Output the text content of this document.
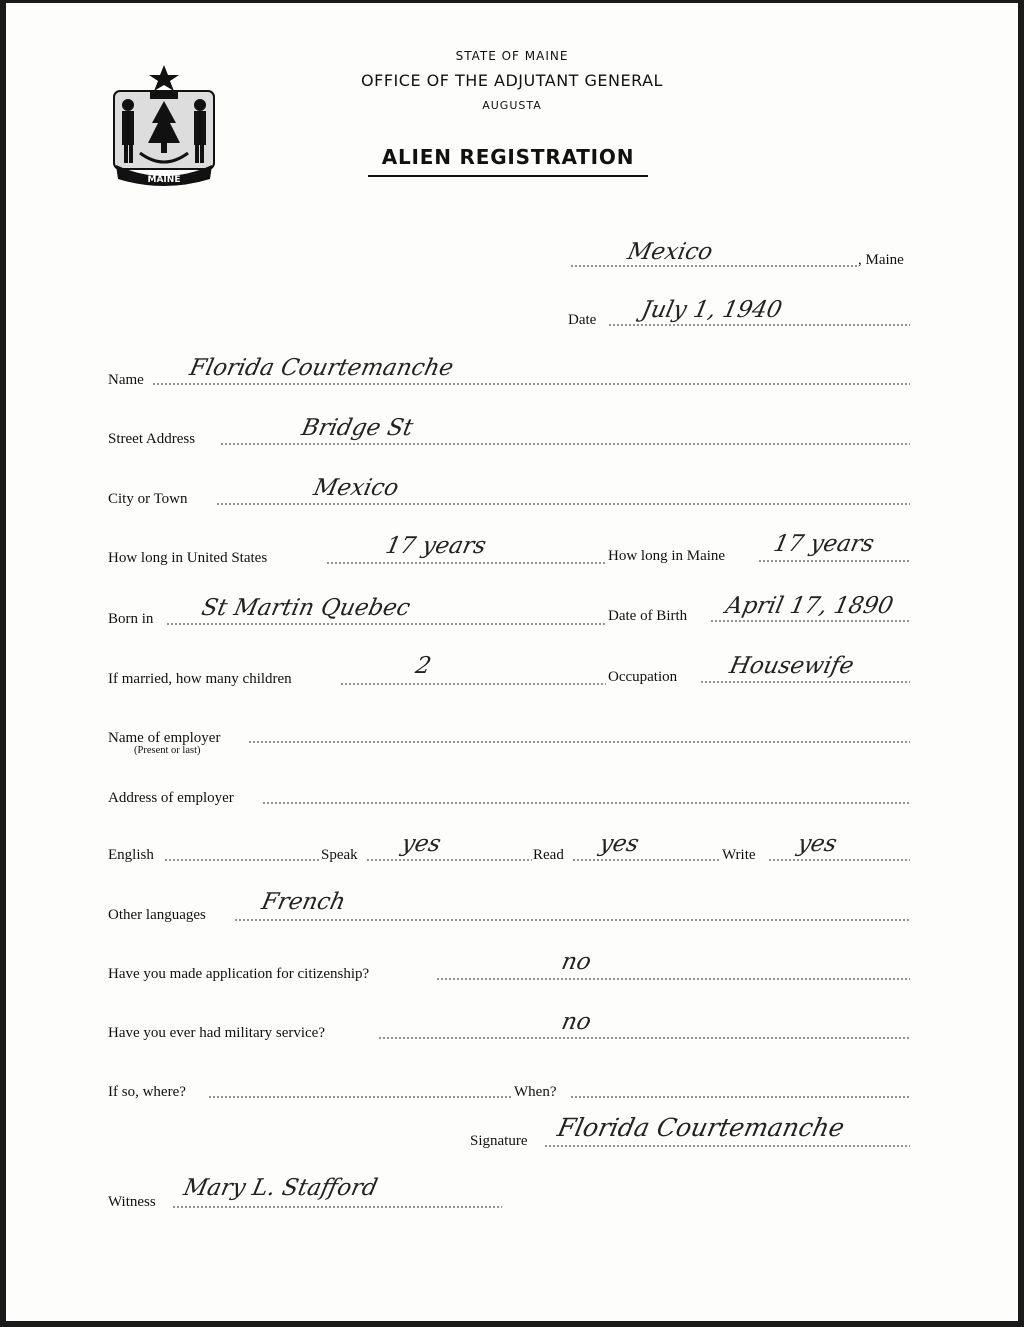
MAINE
STATE OF MAINE
OFFICE OF THE ADJUTANT GENERAL
AUGUSTA
ALIEN REGISTRATION
Mexico	, Maine
Date July 1, 1940
Name Florida Courtemanche
Street Address	Bridge St
City or Town	Mexico
How long in United States	17 years	How long in Maine 17 years
Born in St Martin Quebec	Date of Birth April 17, 1890
If married, how many children	2	Occupation Housewife
Name of employer
(Present or last)
Address of employer
English	Speak yes	Read yes	Write yes
Other languages French
Have you made application for citizenship?	no
Have you ever had military service?	no
If so, where?	When?
Signature Florida Courtemanche
Witness
Mary L. Stafford
